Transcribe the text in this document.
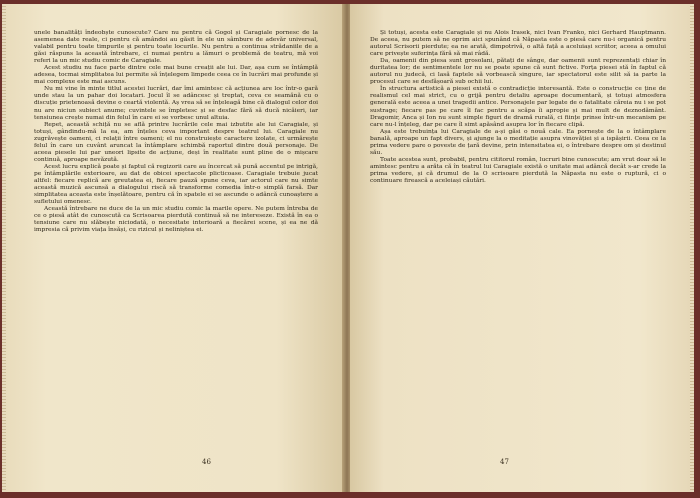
unele banalități îndeobște cunoscute? Care nu pentru că Gogol și Caragiale pornesc de la asemenea date reale, ci pentru că amândoi au găsit în ele un sâmbure de adevăr universal, valabil pentru toate timpurile și pentru toate locurile. Nu pentru a continua strădaniile de a găsi răspuns la această întrebare, ci numai pentru a lămuri o problemă de teatru, mă voi referi la un mic studiu comic de Caragiale.

Acest studiu nu face parte dintre cele mai bune creații ale lui. Dar, așa cum se întâmplă adesea, tocmai simplitatea lui permite să înțelegem limpede ceea ce în lucrări mai profunde și mai complexe este mai ascuns.

Nu mi vine în minte titlul acestei lucrări, dar îmi amintesc că acțiunea are loc într-o gară unde stau la un pahar doi locatari. Jocul îl se adâncesc și treptat, ceva ce seamănă cu o discuție prietenoasă devine o ceartă violentă. Aș vrea să se înțeleagă bine că dialogul celor doi nu are niciun subiect anume; cuvintele se împletesc și se desfac fără să ducă nicăieri, iar tensiunea crește numai din felul în care ei se vorbesc unul altuia.

Repet, această schiță nu se află printre lucrările cele mai izbutite ale lui Caragiale, și totuși, gândindu-mă la ea, am înțeles ceva important despre teatrul lui. Caragiale nu zugrăvește oameni, ci relații între oameni; el nu construiește caractere izolate, ci urmărește felul în care un cuvânt aruncat la întâmplare schimbă raportul dintre două personaje. De aceea piesele lui par uneori lipsite de acțiune, deși în realitate sunt pline de o mișcare continuă, aproape nevăzută.

Acest lucru explică poate și faptul că regizorii care au încercat să pună accentul pe intrigă, pe întâmplările exterioare, au dat de obicei spectacole plicticoase. Caragiale trebuie jucat altfel: fiecare replică are greutatea ei, fiecare pauză spune ceva, iar actorul care nu simte această muzică ascunsă a dialogului riscă să transforme comedia într-o simplă farsă. Dar simplitatea aceasta este înșelătoare, pentru că în spatele ei se ascunde o adâncă cunoaștere a sufletului omenesc.

Această întrebare ne duce de la un mic studiu comic la marile opere. Ne putem întreba de ce o piesă atât de cunoscută ca Scrisoarea pierdută continuă să ne intereseze. Există în ea o tensiune care nu slăbește niciodată, o necesitate interioară a fiecărei scene, și ea ne dă impresia că privim viața însăși, cu rizicul și neliniștea ei.

46

Și totuși, acesta este Caragiale și nu Alois Irasek, nici Ivan Franko, nici Gerhard Hauptmann. De aceea, nu putem să ne oprim aici spunând că Năpasta este o piesă care nu-i organică pentru autorul Scrisorii pierdute; ea ne arată, dimpotrivă, o altă față a aceluiași scriitor, aceea a omului care privește suferința fără să mai râdă.

Da, oamenii din piesa sunt grosolani, pătați de sânge, dar oamenii sunt reprezentați chiar în duritatea lor; de sentimentele lor nu se poate spune că sunt fictive. Forța piesei stă în faptul că autorul nu judecă, ci lasă faptele să vorbească singure, iar spectatorul este silit să ia parte la procesul care se desfășoară sub ochii lui.

În structura artistică a piesei există o contradicție interesantă. Este o construcție ce ține de realismul cel mai strict, cu o grijă pentru detaliu aproape documentară, și totuși atmosfera generală este aceea a unei tragedii antice. Personajele par legate de o fatalitate căreia nu i se pot sustrage; fiecare pas pe care îl fac pentru a scăpa îi apropie și mai mult de deznodământ. Dragomir, Anca și Ion nu sunt simple figuri de dramă rurală, ci ființe prinse într-un mecanism pe care nu-l înțeleg, dar pe care îl simt apăsând asupra lor în fiecare clipă.

Așa este trebuința lui Caragiale de a-și găsi o nouă cale. Ea pornește de la o întâmplare banală, aproape un fapt divers, și ajunge la o meditație asupra vinovăției și a ispășirii. Ceea ce la prima vedere pare o poveste de țară devine, prin intensitatea ei, o întrebare despre om și destinul său.

Toate acestea sunt, probabil, pentru cititorul român, lucruri bine cunoscute; am vrut doar să le amintesc pentru a arăta că în teatrul lui Caragiale există o unitate mai adâncă decât s-ar crede la prima vedere, și că drumul de la O scrisoare pierdută la Năpasta nu este o ruptură, ci o continuare firească a aceleiași căutări.

47
